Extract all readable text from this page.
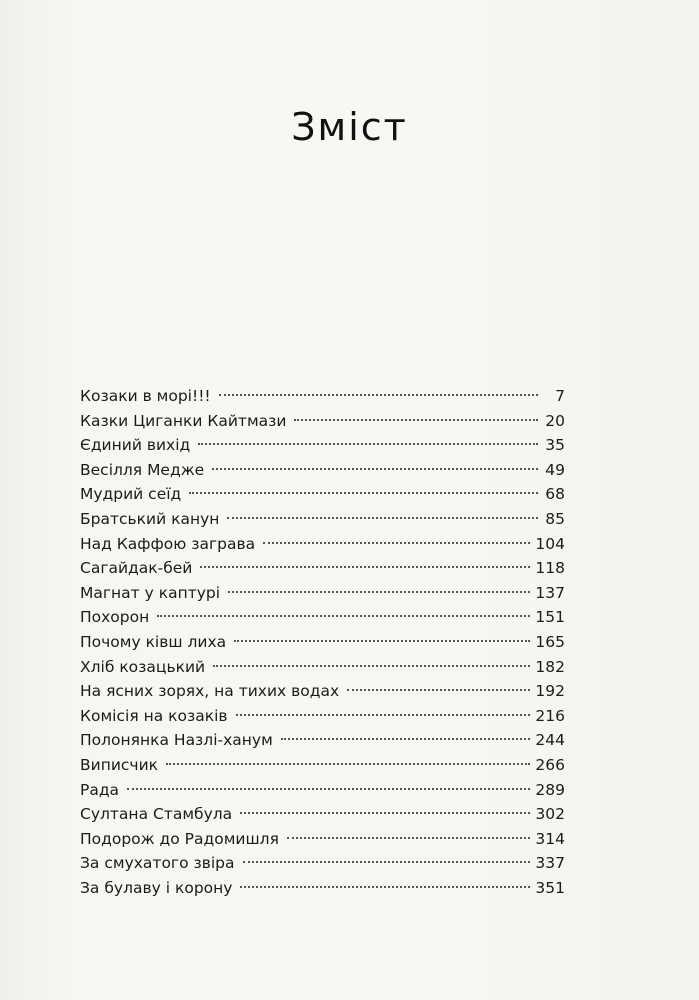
Зміст
Козаки в морі!!!	7
Казки Циганки Кайтмази	20
Єдиний вихід	35
Весілля Медже	49
Мудрий сеїд	68
Братський канун	85
Над Каффою заграва	104
Сагайдак-бей	118
Магнат у каптурі	137
Похорон	151
Почому ківш лиха	165
Хліб козацький	182
На ясних зорях, на тихих водах	192
Комісія на козаків	216
Полонянка Назлі-ханум	244
Виписчик	266
Рада	289
Султана Стамбула	302
Подорож до Радомишля	314
За смухатого звіра	337
За булаву і корону	351
